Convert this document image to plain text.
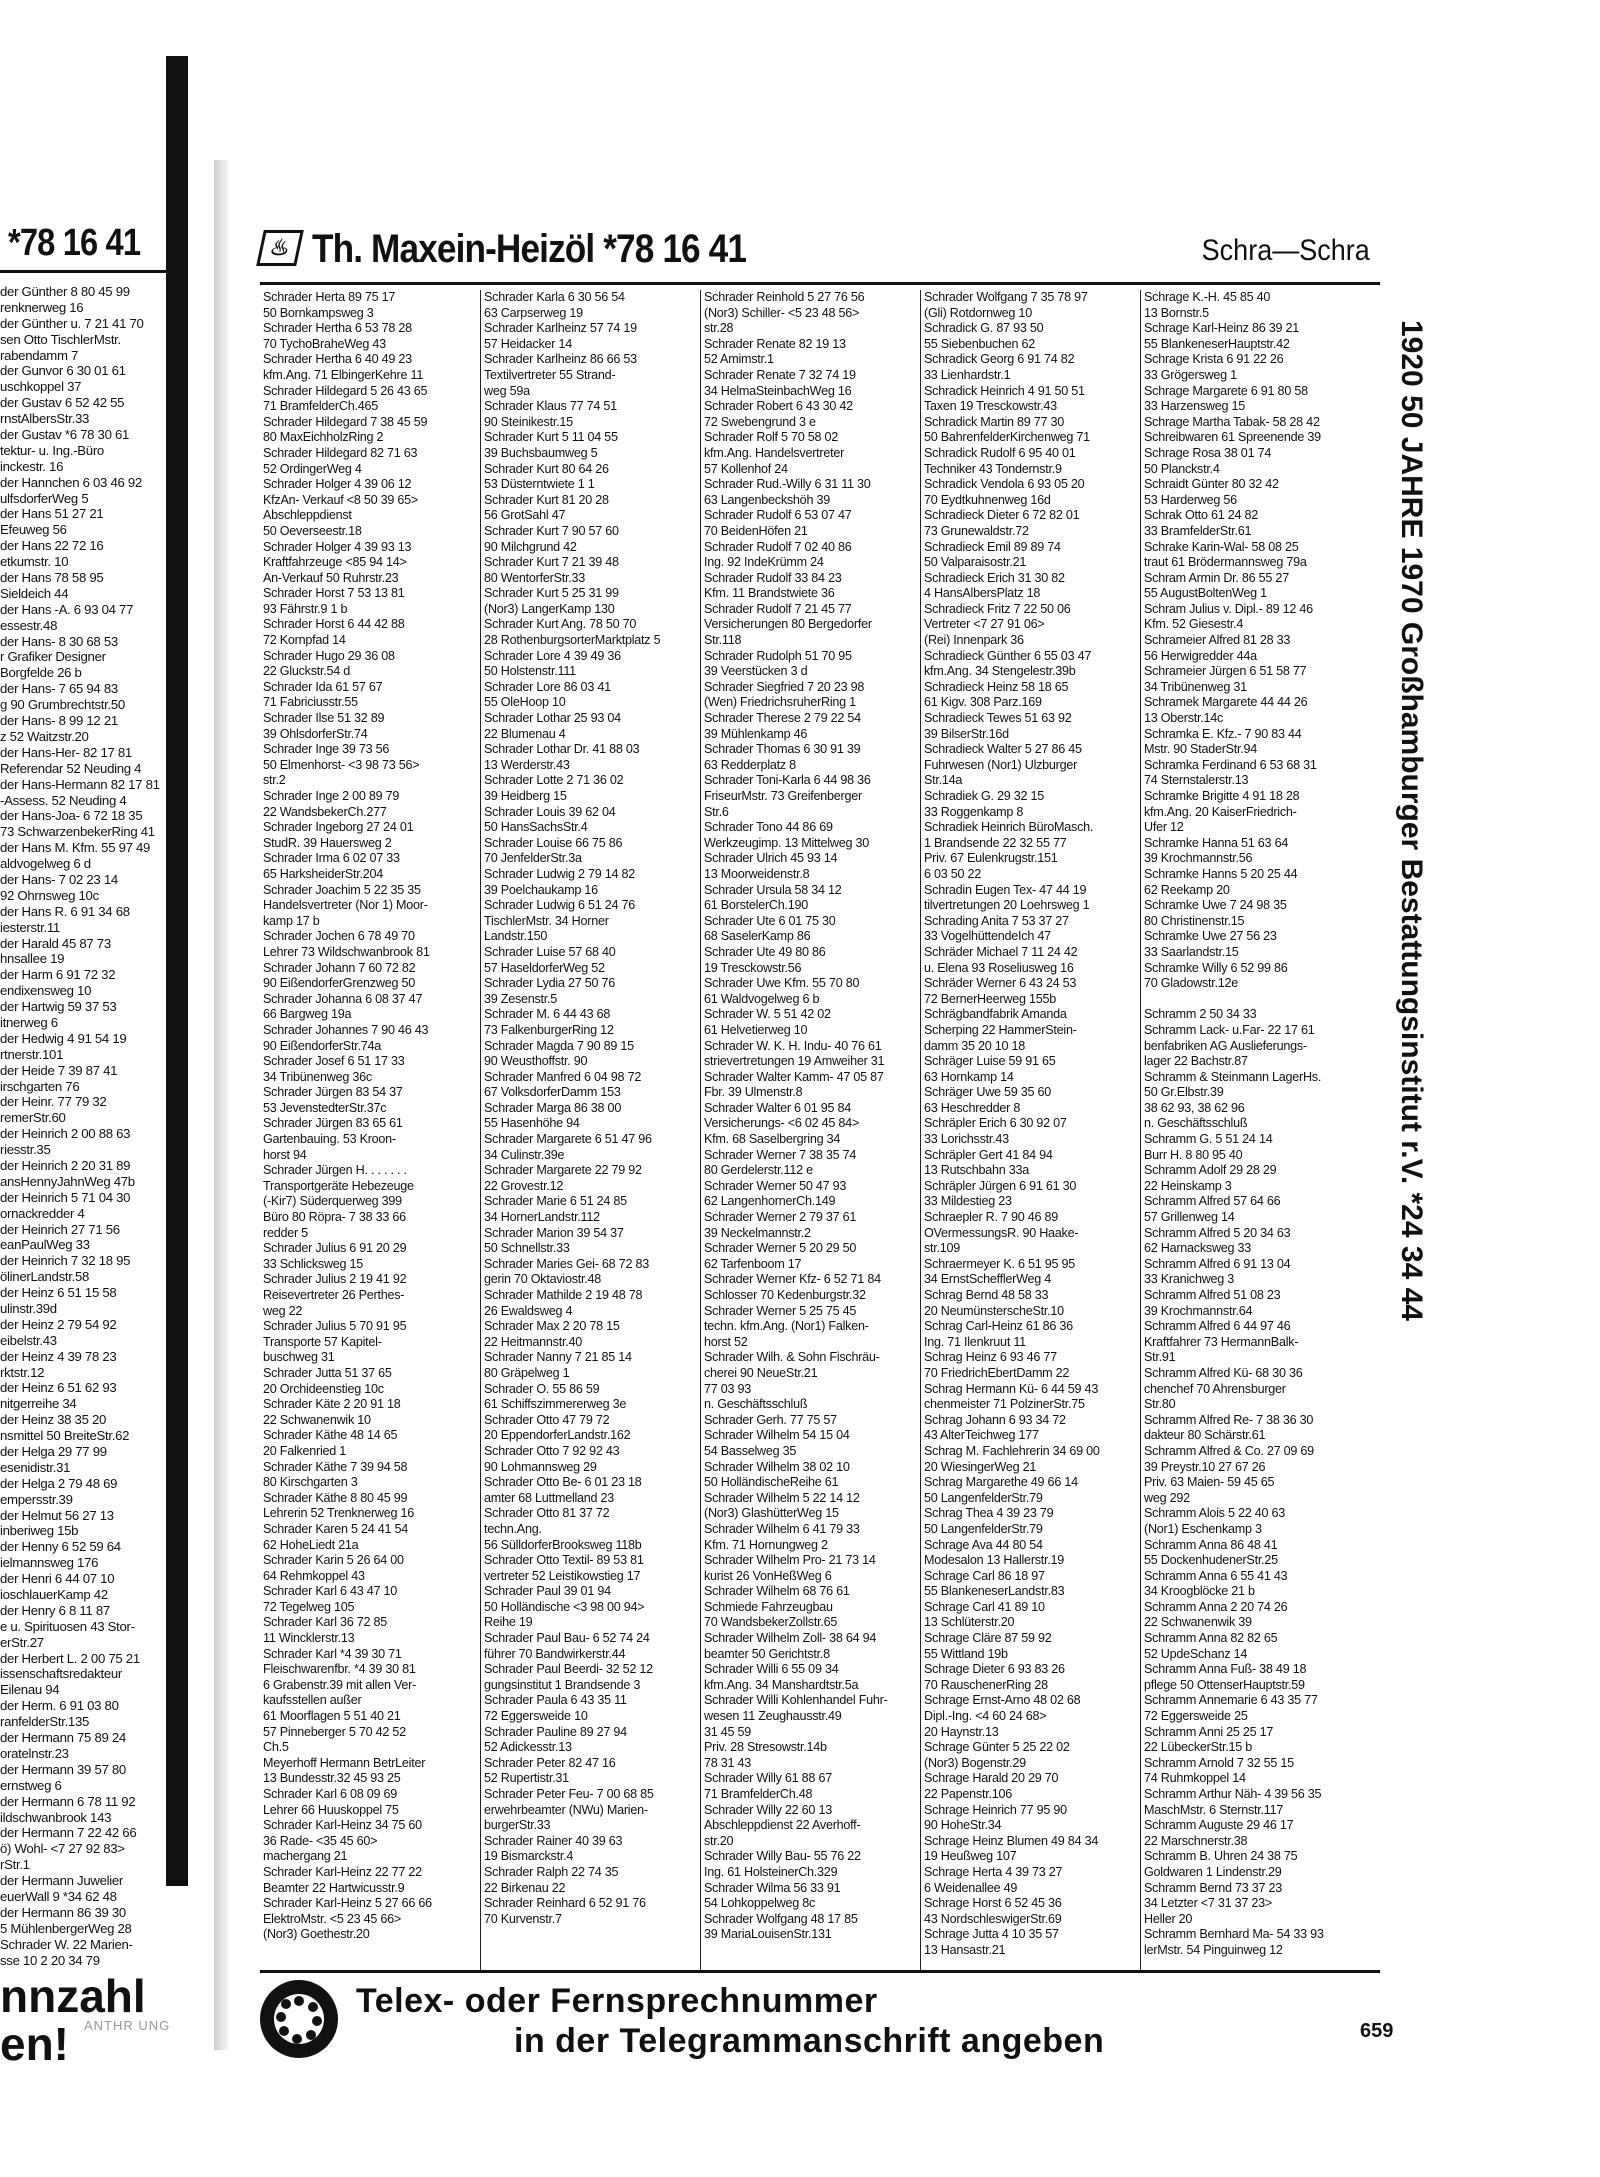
*78 16 41
der Günther 8 80 45 99
renknerweg 16
der Günther u. 7 21 41 70
sen Otto TischlerMstr.
rabendamm 7
der Gunvor 6 30 01 61
uschkoppel 37
der Gustav 6 52 42 55
rnstAlbersStr.33
der Gustav *6 78 30 61
tektur- u. Ing.-Büro
inckestr. 16
der Hannchen 6 03 46 92
ulfsdorferWeg 5
der Hans 51 27 21
Efeuweg 56
der Hans 22 72 16
etkumstr. 10
der Hans 78 58 95
Sieldeich 44
der Hans -A. 6 93 04 77
essestr.48
der Hans- 8 30 68 53
r Grafiker Designer
Borgfelde 26 b
der Hans- 7 65 94 83
g 90 Grumbrechtstr.50
der Hans- 8 99 12 21
z 52 Waitzstr.20
der Hans-Her- 82 17 81
Referendar 52 Neuding 4
der Hans-Hermann 82 17 81
-Assess. 52 Neuding 4
der Hans-Joa- 6 72 18 35
73 SchwarzenbekerRing 41
der Hans M. Kfm. 55 97 49
aldvogelweg 6 d
der Hans- 7 02 23 14
92 Ohrnsweg 10c
der Hans R. 6 91 34 68
iesterstr.11
der Harald 45 87 73
hnsallee 19
der Harm 6 91 72 32
endixensweg 10
der Hartwig 59 37 53
itnerweg 6
der Hedwig 4 91 54 19
rtnerstr.101
der Heide 7 39 87 41
irschgarten 76
der Heinr. 77 79 32
remerStr.60
der Heinrich 2 00 88 63
riesstr.35
der Heinrich 2 20 31 89
ansHennyJahnWeg 47b
der Heinrich 5 71 04 30
ornackredder 4
der Heinrich 27 71 56
eanPaulWeg 33
der Heinrich 7 32 18 95
ölinerLandstr.58
der Heinz 6 51 15 58
ulinstr.39d
der Heinz 2 79 54 92
eibelstr.43
der Heinz 4 39 78 23
rktstr.12
der Heinz 6 51 62 93
nitgerreihe 34
der Heinz 38 35 20
nsmittel 50 BreiteStr.62
der Helga 29 77 99
esenidistr.31
der Helga 2 79 48 69
empersstr.39
der Helmut 56 27 13
inberiweg 15b
der Henny 6 52 59 64
ielmannsweg 176
der Henri 6 44 07 10
ioschlauerKamp 42
der Henry 6 8 11 87
e u. Spirituosen 43 Stor-
erStr.27
der Herbert L. 2 00 75 21
issenschaftsredakteur
Eilenau 94
der Herm. 6 91 03 80
ranfelderStr.135
der Hermann 75 89 24
oratelnstr.23
der Hermann 39 57 80
ernstweg 6
der Hermann 6 78 11 92
ildschwanbrook 143
der Hermann 7 22 42 66
ö) Wohl- <7 27 92 83>
rStr.1
der Hermann Juwelier
euerWall 9 *34 62 48
der Hermann 86 39 30
5 MühlenbergerWeg 28
Schrader W. 22 Marien-
sse 10 2 20 34 79
nnzahl
en! ANTHR UNG
♨ Th. Maxein-Heizöl *78 16 41	Schra—Schra
Schrader Herta 89 75 17
50 Bornkampsweg 3
Schrader Hertha 6 53 78 28
70 TychoBraheWeg 43
Schrader Hertha 6 40 49 23
kfm.Ang. 71 ElbingerKehre 11
Schrader Hildegard 5 26 43 65
71 BramfelderCh.465
Schrader Hildegard 7 38 45 59
80 MaxEichholzRing 2
Schrader Hildegard 82 71 63
52 OrdingerWeg 4
Schrader Holger 4 39 06 12
KfzAn- Verkauf <8 50 39 65>
Abschleppdienst
50 Oeverseestr.18
Schrader Holger 4 39 93 13
Kraftfahrzeuge <85 94 14>
An-Verkauf 50 Ruhrstr.23
Schrader Horst 7 53 13 81
93 Fährstr.9 1 b
Schrader Horst 6 44 42 88
72 Kornpfad 14
Schrader Hugo 29 36 08
22 Gluckstr.54 d
Schrader Ida 61 57 67
71 Fabriciusstr.55
Schrader Ilse 51 32 89
39 OhlsdorferStr.74
Schrader Inge 39 73 56
50 Elmenhorst- <3 98 73 56>
str.2
Schrader Inge 2 00 89 79
22 WandsbekerCh.277
Schrader Ingeborg 27 24 01
StudR. 39 Hauersweg 2
Schrader Irma 6 02 07 33
65 HarksheiderStr.204
Schrader Joachim 5 22 35 35
Handelsvertreter (Nor 1) Moor-
kamp 17 b
Schrader Jochen 6 78 49 70
Lehrer 73 Wildschwanbrook 81
Schrader Johann 7 60 72 82
90 EißendorferGrenzweg 50
Schrader Johanna 6 08 37 47
66 Bargweg 19a
Schrader Johannes 7 90 46 43
90 EißendorferStr.74a
Schrader Josef 6 51 17 33
34 Tribünenweg 36c
Schrader Jürgen 83 54 37
53 JevenstedterStr.37c
Schrader Jürgen 83 65 61
Gartenbauing. 53 Kroon-
horst 94
Schrader Jürgen H. . . . . . .
Transportgeräte Hebezeuge
(-Kir7) Süderquerweg 399
Büro 80 Röpra- 7 38 33 66
redder 5
Schrader Julius 6 91 20 29
33 Schlicksweg 15
Schrader Julius 2 19 41 92
Reisevertreter 26 Perthes-
weg 22
Schrader Julius 5 70 91 95
Transporte 57 Kapitel-
buschweg 31
Schrader Jutta 51 37 65
20 Orchideenstieg 10c
Schrader Käte 2 20 91 18
22 Schwanenwik 10
Schrader Käthe 48 14 65
20 Falkenried 1
Schrader Käthe 7 39 94 58
80 Kirschgarten 3
Schrader Käthe 8 80 45 99
Lehrerin 52 Trenknerweg 16
Schrader Karen 5 24 41 54
62 HoheLiedt 21a
Schrader Karin 5 26 64 00
64 Rehmkoppel 43
Schrader Karl 6 43 47 10
72 Tegelweg 105
Schrader Karl 36 72 85
11 Wincklerstr.13
Schrader Karl *4 39 30 71
Fleischwarenfbr. *4 39 30 81
6 Grabenstr.39 mit allen Ver-
kaufsstellen außer
61 Moorflagen 5 51 40 21
57 Pinneberger 5 70 42 52
Ch.5
Meyerhoff Hermann BetrLeiter
13 Bundesstr.32 45 93 25
Schrader Karl 6 08 09 69
Lehrer 66 Huuskoppel 75
Schrader Karl-Heinz 34 75 60
36 Rade- <35 45 60>
machergang 21
Schrader Karl-Heinz 22 77 22
Beamter 22 Hartwicusstr.9
Schrader Karl-Heinz 5 27 66 66
ElektroMstr. <5 23 45 66>
(Nor3) Goethestr.20
Schrader Karla 6 30 56 54
63 Carpserweg 19
Schrader Karlheinz 57 74 19
57 Heidacker 14
Schrader Karlheinz 86 66 53
Textilvertreter 55 Strand-
weg 59a
Schrader Klaus 77 74 51
90 Steinikestr.15
Schrader Kurt 5 11 04 55
39 Buchsbaumweg 5
Schrader Kurt 80 64 26
53 Düsterntwiete 1 1
Schrader Kurt 81 20 28
56 GrotSahl 47
Schrader Kurt 7 90 57 60
90 Milchgrund 42
Schrader Kurt 7 21 39 48
80 WentorferStr.33
Schrader Kurt 5 25 31 99
(Nor3) LangerKamp 130
Schrader Kurt Ang. 78 50 70
28 RothenburgsorterMarktplatz 5
Schrader Lore 4 39 49 36
50 Holstenstr.111
Schrader Lore 86 03 41
55 OleHoop 10
Schrader Lothar 25 93 04
22 Blumenau 4
Schrader Lothar Dr. 41 88 03
13 Werderstr.43
Schrader Lotte 2 71 36 02
39 Heidberg 15
Schrader Louis 39 62 04
50 HansSachsStr.4
Schrader Louise 66 75 86
70 JenfelderStr.3a
Schrader Ludwig 2 79 14 82
39 Poelchaukamp 16
Schrader Ludwig 6 51 24 76
TischlerMstr. 34 Horner
Landstr.150
Schrader Luise 57 68 40
57 HaseldorferWeg 52
Schrader Lydia 27 50 76
39 Zesenstr.5
Schrader M. 6 44 43 68
73 FalkenburgerRing 12
Schrader Magda 7 90 89 15
90 Weusthoffstr. 90
Schrader Manfred 6 04 98 72
67 VolksdorferDamm 153
Schrader Marga 86 38 00
55 Hasenhöhe 94
Schrader Margarete 6 51 47 96
34 Culinstr.39e
Schrader Margarete 22 79 92
22 Grovestr.12
Schrader Marie 6 51 24 85
34 HornerLandstr.112
Schrader Marion 39 54 37
50 Schnellstr.33
Schrader Maries Gei- 68 72 83
gerin 70 Oktaviostr.48
Schrader Mathilde 2 19 48 78
26 Ewaldsweg 4
Schrader Max 2 20 78 15
22 Heitmannstr.40
Schrader Nanny 7 21 85 14
80 Gräpelweg 1
Schrader O. 55 86 59
61 Schiffszimmererweg 3e
Schrader Otto 47 79 72
20 EppendorferLandstr.162
Schrader Otto 7 92 92 43
90 Lohmannsweg 29
Schrader Otto Be- 6 01 23 18
amter 68 Luttmelland 23
Schrader Otto 81 37 72
techn.Ang.
56 SülldorferBrooksweg 118b
Schrader Otto Textil- 89 53 81
vertreter 52 Leistikowstieg 17
Schrader Paul 39 01 94
50 Holländische <3 98 00 94>
Reihe 19
Schrader Paul Bau- 6 52 74 24
führer 70 Bandwirkerstr.44
Schrader Paul Beerdi- 32 52 12
gungsinstitut 1 Brandsende 3
Schrader Paula 6 43 35 11
72 Eggersweide 10
Schrader Pauline 89 27 94
52 Adickesstr.13
Schrader Peter 82 47 16
52 Rupertistr.31
Schrader Peter Feu- 7 00 68 85
erwehrbeamter (NWu) Marien-
burgerStr.33
Schrader Rainer 40 39 63
19 Bismarckstr.4
Schrader Ralph 22 74 35
22 Birkenau 22
Schrader Reinhard 6 52 91 76
70 Kurvenstr.7
Schrader Reinhold 5 27 76 56
(Nor3) Schiller- <5 23 48 56>
str.28
Schrader Renate 82 19 13
52 Amimstr.1
Schrader Renate 7 32 74 19
34 HelmaSteinbachWeg 16
Schrader Robert 6 43 30 42
72 Swebengrund 3 e
Schrader Rolf 5 70 58 02
kfm.Ang. Handelsvertreter
57 Kollenhof 24
Schrader Rud.-Willy 6 31 11 30
63 Langenbeckshöh 39
Schrader Rudolf 6 53 07 47
70 BeidenHöfen 21
Schrader Rudolf 7 02 40 86
Ing. 92 IndeKrümm 24
Schrader Rudolf 33 84 23
Kfm. 11 Brandstwiete 36
Schrader Rudolf 7 21 45 77
Versicherungen 80 Bergedorfer
Str.118
Schrader Rudolph 51 70 95
39 Veerstücken 3 d
Schrader Siegfried 7 20 23 98
(Wen) FriedrichsruherRing 1
Schrader Therese 2 79 22 54
39 Mühlenkamp 46
Schrader Thomas 6 30 91 39
63 Redderplatz 8
Schrader Toni-Karla 6 44 98 36
FriseurMstr. 73 Greifenberger
Str.6
Schrader Tono 44 86 69
Werkzeugimp. 13 Mittelweg 30
Schrader Ulrich 45 93 14
13 Moorweidenstr.8
Schrader Ursula 58 34 12
61 BorstelerCh.190
Schrader Ute 6 01 75 30
68 SaselerKamp 86
Schrader Ute 49 80 86
19 Tresckowstr.56
Schrader Uwe Kfm. 55 70 80
61 Waldvogelweg 6 b
Schrader W. 5 51 42 02
61 Helvetierweg 10
Schrader W. K. H. Indu- 40 76 61
strievertretungen 19 Amweiher 31
Schrader Walter Kamm- 47 05 87
Fbr. 39 Ulmenstr.8
Schrader Walter 6 01 95 84
Versicherungs- <6 02 45 84>
Kfm. 68 Saselbergring 34
Schrader Werner 7 38 35 74
80 Gerdelerstr.112 e
Schrader Werner 50 47 93
62 LangenhornerCh.149
Schrader Werner 2 79 37 61
39 Neckelmannstr.2
Schrader Werner 5 20 29 50
62 Tarfenboom 17
Schrader Werner Kfz- 6 52 71 84
Schlosser 70 Kedenburgstr.32
Schrader Werner 5 25 75 45
techn. kfm.Ang. (Nor1) Falken-
horst 52
Schrader Wilh. & Sohn Fischräu-
cherei 90 NeueStr.21
77 03 93
n. Geschäftsschluß
Schrader Gerh. 77 75 57
Schrader Wilhelm 54 15 04
54 Basselweg 35
Schrader Wilhelm 38 02 10
50 HolländischeReihe 61
Schrader Wilhelm 5 22 14 12
(Nor3) GlashütterWeg 15
Schrader Wilhelm 6 41 79 33
Kfm. 71 Hornungweg 2
Schrader Wilhelm Pro- 21 73 14
kurist 26 VonHeßWeg 6
Schrader Wilhelm 68 76 61
Schmiede Fahrzeugbau
70 WandsbekerZollstr.65
Schrader Wilhelm Zoll- 38 64 94
beamter 50 Gerichtstr.8
Schrader Willi 6 55 09 34
kfm.Ang. 34 Manshardtstr.5a
Schrader Willi Kohlenhandel Fuhr-
wesen 11 Zeughausstr.49
31 45 59
Priv. 28 Stresowstr.14b
78 31 43
Schrader Willy 61 88 67
71 BramfelderCh.48
Schrader Willy 22 60 13
Abschleppdienst 22 Averhoff-
str.20
Schrader Willy Bau- 55 76 22
Ing. 61 HolsteinerCh.329
Schrader Wilma 56 33 91
54 Lohkoppelweg 8c
Schrader Wolfgang 48 17 85
39 MariaLouisenStr.131
Schrader Wolfgang 7 35 78 97
(Gli) Rotdornweg 10
Schradick G. 87 93 50
55 Siebenbuchen 62
Schradick Georg 6 91 74 82
33 Lienhardstr.1
Schradick Heinrich 4 91 50 51
Taxen 19 Tresckowstr.43
Schradick Martin 89 77 30
50 BahrenfelderKirchenweg 71
Schradick Rudolf 6 95 40 01
Techniker 43 Tondernstr.9
Schradick Vendola 6 93 05 20
70 Eydtkuhnenweg 16d
Schradieck Dieter 6 72 82 01
73 Grunewaldstr.72
Schradieck Emil 89 89 74
50 Valparaisostr.21
Schradieck Erich 31 30 82
4 HansAlbersPlatz 18
Schradieck Fritz 7 22 50 06
Vertreter <7 27 91 06>
(Rei) Innenpark 36
Schradieck Günther 6 55 03 47
kfm.Ang. 34 Stengelestr.39b
Schradieck Heinz 58 18 65
61 Kigv. 308 Parz.169
Schradieck Tewes 51 63 92
39 BilserStr.16d
Schradieck Walter 5 27 86 45
Fuhrwesen (Nor1) Ulzburger
Str.14a
Schradiek G. 29 32 15
33 Roggenkamp 8
Schradiek Heinrich BüroMasch.
1 Brandsende 22 32 55 77
Priv. 67 Eulenkrugstr.151
6 03 50 22
Schradin Eugen Tex- 47 44 19
tilvertretungen 20 Loehrsweg 1
Schrading Anita 7 53 37 27
33 VogelhüttendeIch 47
Schräder Michael 7 11 24 42
u. Elena 93 Roseliusweg 16
Schräder Werner 6 43 24 53
72 BernerHeerweg 155b
Schrägbandfabrik Amanda
Scherping 22 HammerStein-
damm 35 20 10 18
Schräger Luise 59 91 65
63 Hornkamp 14
Schräger Uwe 59 35 60
63 Heschredder 8
Schräpler Erich 6 30 92 07
33 Lorichsstr.43
Schräpler Gert 41 84 94
13 Rutschbahn 33a
Schräpler Jürgen 6 91 61 30
33 Mildestieg 23
Schraepler R. 7 90 46 89
OVermessungsR. 90 Haake-
str.109
Schraermeyer K. 6 51 95 95
34 ErnstSchefflerWeg 4
Schrag Bernd 48 58 33
20 NeumünsterscheStr.10
Schrag Carl-Heinz 61 86 36
Ing. 71 Ilenkruut 11
Schrag Heinz 6 93 46 77
70 FriedrichEbertDamm 22
Schrag Hermann Kü- 6 44 59 43
chenmeister 71 PolzinerStr.75
Schrag Johann 6 93 34 72
43 AlterTeichweg 177
Schrag M. Fachlehrerin 34 69 00
20 WiesingerWeg 21
Schrag Margarethe 49 66 14
50 LangenfelderStr.79
Schrag Thea 4 39 23 79
50 LangenfelderStr.79
Schrage Ava 44 80 54
Modesalon 13 Hallerstr.19
Schrage Carl 86 18 97
55 BlankeneserLandstr.83
Schrage Carl 41 89 10
13 Schlüterstr.20
Schrage Cläre 87 59 92
55 Wittland 19b
Schrage Dieter 6 93 83 26
70 RauschenerRing 28
Schrage Ernst-Arno 48 02 68
Dipl.-Ing. <4 60 24 68>
20 Haynstr.13
Schrage Günter 5 25 22 02
(Nor3) Bogenstr.29
Schrage Harald 20 29 70
22 Papenstr.106
Schrage Heinrich 77 95 90
90 HoheStr.34
Schrage Heinz Blumen 49 84 34
19 Heußweg 107
Schrage Herta 4 39 73 27
6 Weidenallee 49
Schrage Horst 6 52 45 36
43 NordschleswigerStr.69
Schrage Jutta 4 10 35 57
13 Hansastr.21
Schrage K.-H. 45 85 40
13 Bornstr.5
Schrage Karl-Heinz 86 39 21
55 BlankeneserHauptstr.42
Schrage Krista 6 91 22 26
33 Grögersweg 1
Schrage Margarete 6 91 80 58
33 Harzensweg 15
Schrage Martha Tabak- 58 28 42
Schreibwaren 61 Spreenende 39
Schrage Rosa 38 01 74
50 Planckstr.4
Schraidt Günter 80 32 42
53 Harderweg 56
Schrak Otto 61 24 82
33 BramfelderStr.61
Schrake Karin-Wal- 58 08 25
traut 61 Brödermannsweg 79a
Schram Armin Dr. 86 55 27
55 AugustBoltenWeg 1
Schram Julius v. Dipl.- 89 12 46
Kfm. 52 Giesestr.4
Schrameier Alfred 81 28 33
56 Herwigredder 44a
Schrameier Jürgen 6 51 58 77
34 Tribünenweg 31
Schramek Margarete 44 44 26
13 Oberstr.14c
Schramka E. Kfz.- 7 90 83 44
Mstr. 90 StaderStr.94
Schramka Ferdinand 6 53 68 31
74 Sternstalerstr.13
Schramke Brigitte 4 91 18 28
kfm.Ang. 20 KaiserFriedrich-
Ufer 12
Schramke Hanna 51 63 64
39 Krochmannstr.56
Schramke Hanns 5 20 25 44
62 Reekamp 20
Schramke Uwe 7 24 98 35
80 Christinenstr.15
Schramke Uwe 27 56 23
33 Saarlandstr.15
Schramke Willy 6 52 99 86
70 Gladowstr.12e
Schramm 2 50 34 33
Schramm Lack- u.Far- 22 17 61
benfabriken AG Auslieferungs-
lager 22 Bachstr.87
Schramm & Steinmann LagerHs.
50 Gr.Elbstr.39
38 62 93, 38 62 96
n. Geschäftsschluß
Schramm G. 5 51 24 14
Burr H. 8 80 95 40
Schramm Adolf 29 28 29
22 Heinskamp 3
Schramm Alfred 57 64 66
57 Grillenweg 14
Schramm Alfred 5 20 34 63
62 Harnacksweg 33
Schramm Alfred 6 91 13 04
33 Kranichweg 3
Schramm Alfred 51 08 23
39 Krochmannstr.64
Schramm Alfred 6 44 97 46
Kraftfahrer 73 HermannBalk-
Str.91
Schramm Alfred Kü- 68 30 36
chenchef 70 Ahrensburger
Str.80
Schramm Alfred Re- 7 38 36 30
dakteur 80 Schärstr.61
Schramm Alfred & Co. 27 09 69
39 Preystr.10 27 67 26
Priv. 63 Maien- 59 45 65
weg 292
Schramm Alois 5 22 40 63
(Nor1) Eschenkamp 3
Schramm Anna 86 48 41
55 DockenhudenerStr.25
Schramm Anna 6 55 41 43
34 Kroogblöcke 21 b
Schramm Anna 2 20 74 26
22 Schwanenwik 39
Schramm Anna 82 82 65
52 UpdeSchanz 14
Schramm Anna Fuß- 38 49 18
pflege 50 OttenserHauptstr.59
Schramm Annemarie 6 43 35 77
72 Eggersweide 25
Schramm Anni 25 25 17
22 LübeckerStr.15 b
Schramm Arnold 7 32 55 15
74 Ruhmkoppel 14
Schramm Arthur Näh- 4 39 56 35
MaschMstr. 6 Sternstr.117
Schramm Auguste 29 46 17
22 Marschnerstr.38
Schramm B. Uhren 24 38 75
Goldwaren 1 Lindenstr.29
Schramm Bernd 73 37 23
34 Letzter <7 31 37 23>
Heller 20
Schramm Bernhard Ma- 54 33 93
lerMstr. 54 Pinguinweg 12
Telex- oder Fernsprechnummer
in der Telegrammanschrift angeben	659
1920 50 JAHRE 1970 Großhamburger Bestattungsinstitut r.V. *24 34 44
